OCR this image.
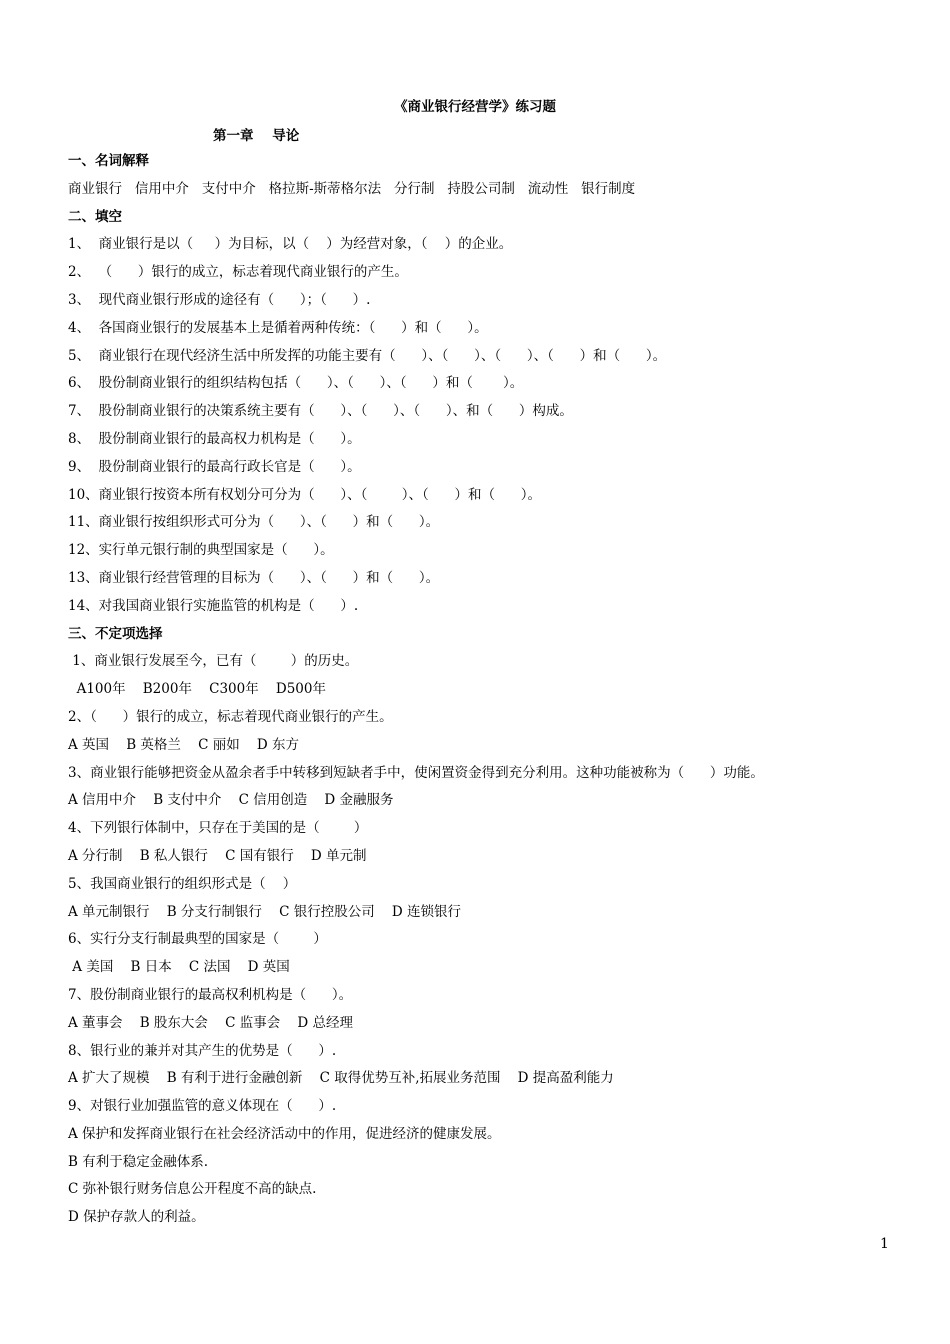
《商业银行经营学》练习题
第一章    导论
一、名词解释
商业银行   信用中介   支付中介   格拉斯-斯蒂格尔法   分行制   持股公司制   流动性   银行制度
二、填空
1、  商业银行是以（     ）为目标，以（    ）为经营对象，（    ）的企业。
2、  （      ）银行的成立，标志着现代商业银行的产生。
3、  现代商业银行形成的途径有（      ）；（      ）.
4、  各国商业银行的发展基本上是循着两种传统：（      ）和（      ）。
5、  商业银行在现代经济生活中所发挥的功能主要有（      ）、（      ）、（      ）、（      ）和（      ）。
6、  股份制商业银行的组织结构包括（      ）、（      ）、（      ）和（       ）。
7、  股份制商业银行的决策系统主要有（      ）、（      ）、（      ）、和（      ）构成。
8、  股份制商业银行的最高权力机构是（      ）。
9、  股份制商业银行的最高行政长官是（      ）。
10、商业银行按资本所有权划分可分为（      ）、（        ）、（      ）和（      ）。
11、商业银行按组织形式可分为（      ）、（      ）和（      ）。
12、实行单元银行制的典型国家是（      ）。
13、商业银行经营管理的目标为（      ）、（      ）和（      ）。
14、对我国商业银行实施监管的机构是（      ）.
三、不定项选择
1、商业银行发展至今，已有（        ）的历史。
A100年    B200年    C300年    D500年
2、（      ）银行的成立，标志着现代商业银行的产生。
A 英国    B 英格兰    C 丽如    D 东方
3、商业银行能够把资金从盈余者手中转移到短缺者手中，使闲置资金得到充分利用。这种功能被称为（      ）功能。
A 信用中介    B 支付中介    C 信用创造    D 金融服务
4、下列银行体制中，只存在于美国的是（        ）
A 分行制    B 私人银行    C 国有银行    D 单元制
5、我国商业银行的组织形式是（    ）
A 单元制银行    B 分支行制银行    C 银行控股公司    D 连锁银行
6、实行分支行制最典型的国家是（        ）
A 美国    B 日本    C 法国    D 英国
7、股份制商业银行的最高权利机构是（      ）。
A 董事会    B 股东大会    C 监事会    D 总经理
8、银行业的兼并对其产生的优势是（      ）.
A 扩大了规模    B 有利于进行金融创新    C 取得优势互补,拓展业务范围    D 提高盈利能力
9、对银行业加强监管的意义体现在（      ）.
A 保护和发挥商业银行在社会经济活动中的作用，促进经济的健康发展。
B 有利于稳定金融体系.
C 弥补银行财务信息公开程度不高的缺点.
D 保护存款人的利益。
1
